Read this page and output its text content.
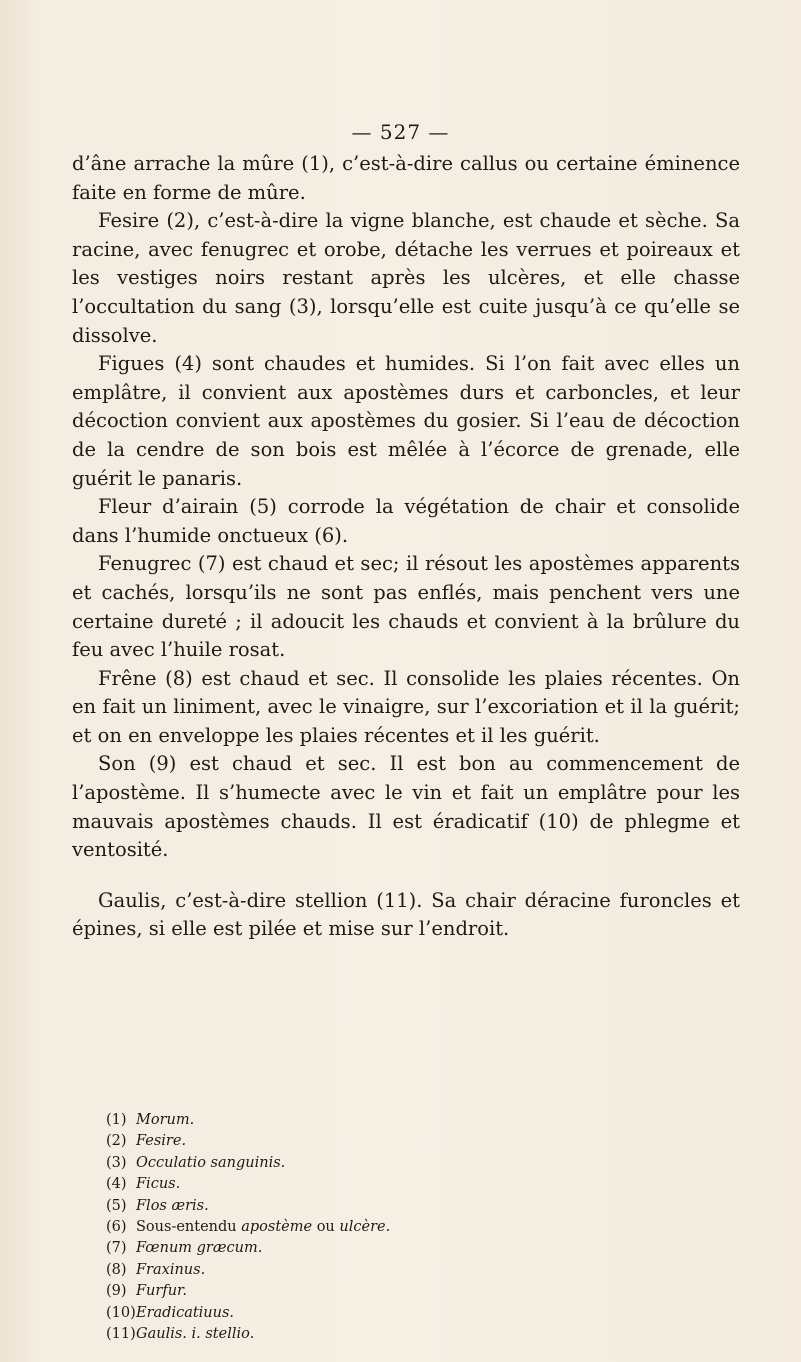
— 527 —

d’âne arrache la mûre (1), c’est-à-dire callus ou certaine éminence faite en forme de mûre.

Fesire (2), c’est-à-dire la vigne blanche, est chaude et sèche. Sa racine, avec fenugrec et orobe, détache les verrues et poireaux et les vestiges noirs restant après les ulcères, et elle chasse l’occultation du sang (3), lorsqu’elle est cuite jusqu’à ce qu’elle se dissolve.

Figues (4) sont chaudes et humides. Si l’on fait avec elles un emplâtre, il convient aux apostèmes durs et carboncles, et leur décoction convient aux apostèmes du gosier. Si l’eau de décoction de la cendre de son bois est mêlée à l’écorce de grenade, elle guérit le panaris.

Fleur d’airain (5) corrode la végétation de chair et consolide dans l’humide onctueux (6).

Fenugrec (7) est chaud et sec; il résout les apostèmes apparents et cachés, lorsqu’ils ne sont pas enflés, mais penchent vers une certaine dureté ; il adoucit les chauds et convient à la brûlure du feu avec l’huile rosat.

Frêne (8) est chaud et sec. Il consolide les plaies récentes. On en fait un liniment, avec le vinaigre, sur l’excoriation et il la guérit; et on en enveloppe les plaies récentes et il les guérit.

Son (9) est chaud et sec. Il est bon au commencement de l’apostème. Il s’humecte avec le vin et fait un emplâtre pour les mauvais apostèmes chauds. Il est éradicatif (10) de phlegme et ventosité.

Gaulis, c’est-à-dire stellion (11). Sa chair déracine furoncles et épines, si elle est pilée et mise sur l’endroit.

(1) Morum.
(2) Fesire.
(3) Occulatio sanguinis.
(4) Ficus.
(5) Flos æris.
(6) Sous-entendu apostème ou ulcère.
(7) Fœnum græcum.
(8) Fraxinus.
(9) Furfur.
(10)Eradicatiuus.
(11)Gaulis. i. stellio.
